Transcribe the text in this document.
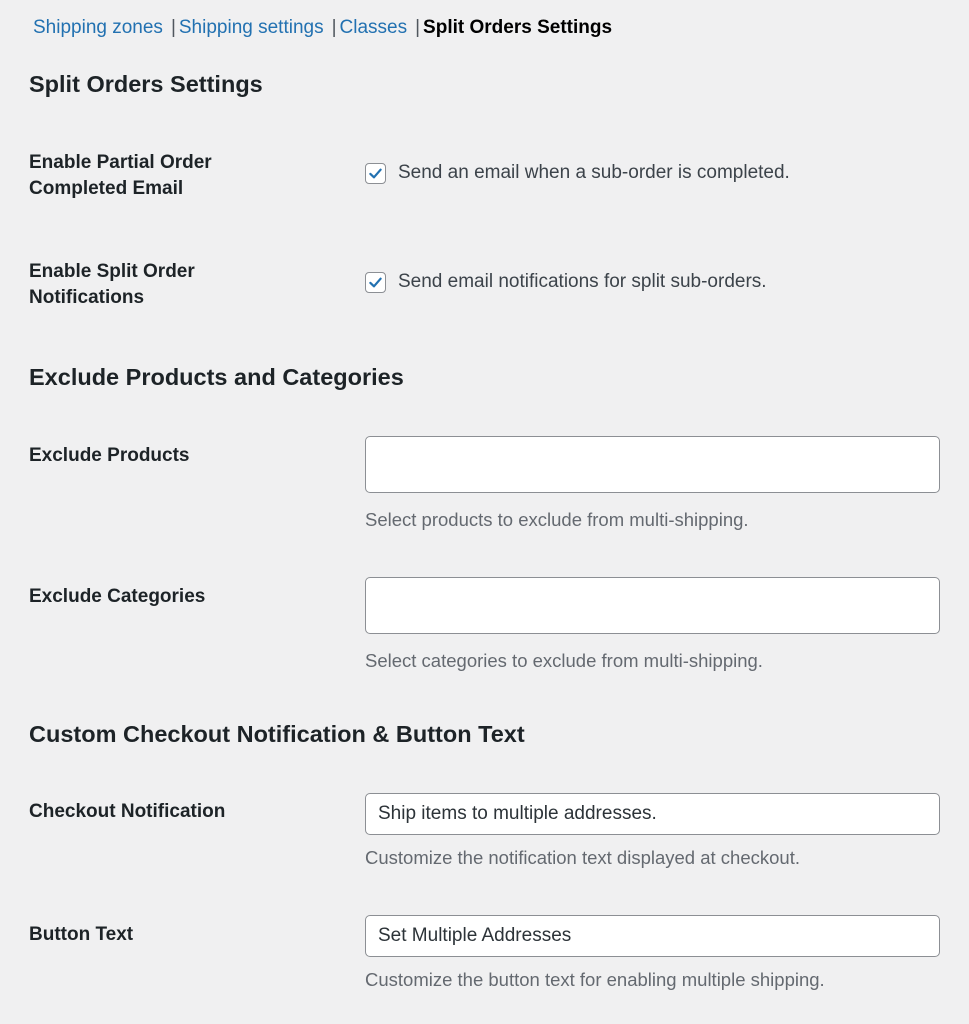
Shipping zones | Shipping settings | Classes | Split Orders Settings
Split Orders Settings
Enable Partial Order
Completed Email
Send an email when a sub-order is completed.
Enable Split Order
Notifications
Send email notifications for split sub-orders.
Exclude Products and Categories
Exclude Products
Select products to exclude from multi-shipping.
Exclude Categories
Select categories to exclude from multi-shipping.
Custom Checkout Notification & Button Text
Checkout Notification	Ship items to multiple addresses.
Customize the notification text displayed at checkout.
Button Text	Set Multiple Addresses
Customize the button text for enabling multiple shipping.
